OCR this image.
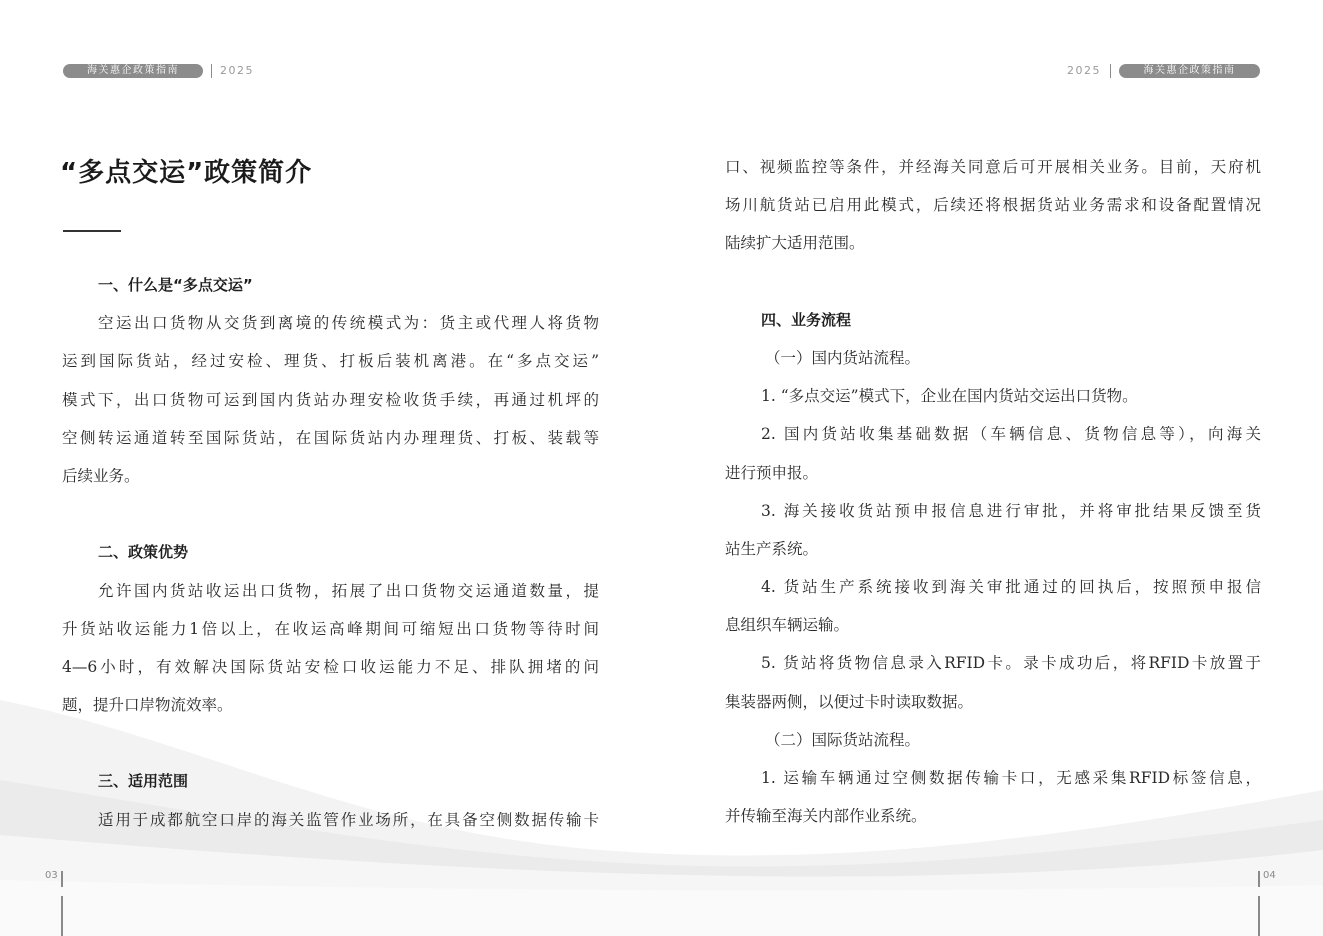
海关惠企政策指南	2025	2025	海关惠企政策指南
“多点交运”政策简介
一、什么是“多点交运”
空运出口货物从交货到离境的传统模式为：货主或代理人将货物
运到国际货站，经过安检、理货、打板后装机离港。在“多点交运”
模式下，出口货物可运到国内货站办理安检收货手续，再通过机坪的
空侧转运通道转至国际货站，在国际货站内办理理货、打板、装载等
后续业务。
二、政策优势
允许国内货站收运出口货物，拓展了出口货物交运通道数量，提
升货站收运能力1倍以上，在收运高峰期间可缩短出口货物等待时间
4—6小时，有效解决国际货站安检口收运能力不足、排队拥堵的问
题，提升口岸物流效率。
三、适用范围
适用于成都航空口岸的海关监管作业场所，在具备空侧数据传输卡
口、视频监控等条件，并经海关同意后可开展相关业务。目前，天府机
场川航货站已启用此模式，后续还将根据货站业务需求和设备配置情况
陆续扩大适用范围。
四、业务流程
（一）国内货站流程。
1. “多点交运”模式下，企业在国内货站交运出口货物。
2. 国内货站收集基础数据（车辆信息、货物信息等），向海关
进行预申报。
3. 海关接收货站预申报信息进行审批，并将审批结果反馈至货
站生产系统。
4. 货站生产系统接收到海关审批通过的回执后，按照预申报信
息组织车辆运输。
5. 货站将货物信息录入RFID卡。录卡成功后，将RFID卡放置于
集装器两侧，以便过卡时读取数据。
（二）国际货站流程。
1. 运输车辆通过空侧数据传输卡口，无感采集RFID标签信息，
并传输至海关内部作业系统。
03	04
